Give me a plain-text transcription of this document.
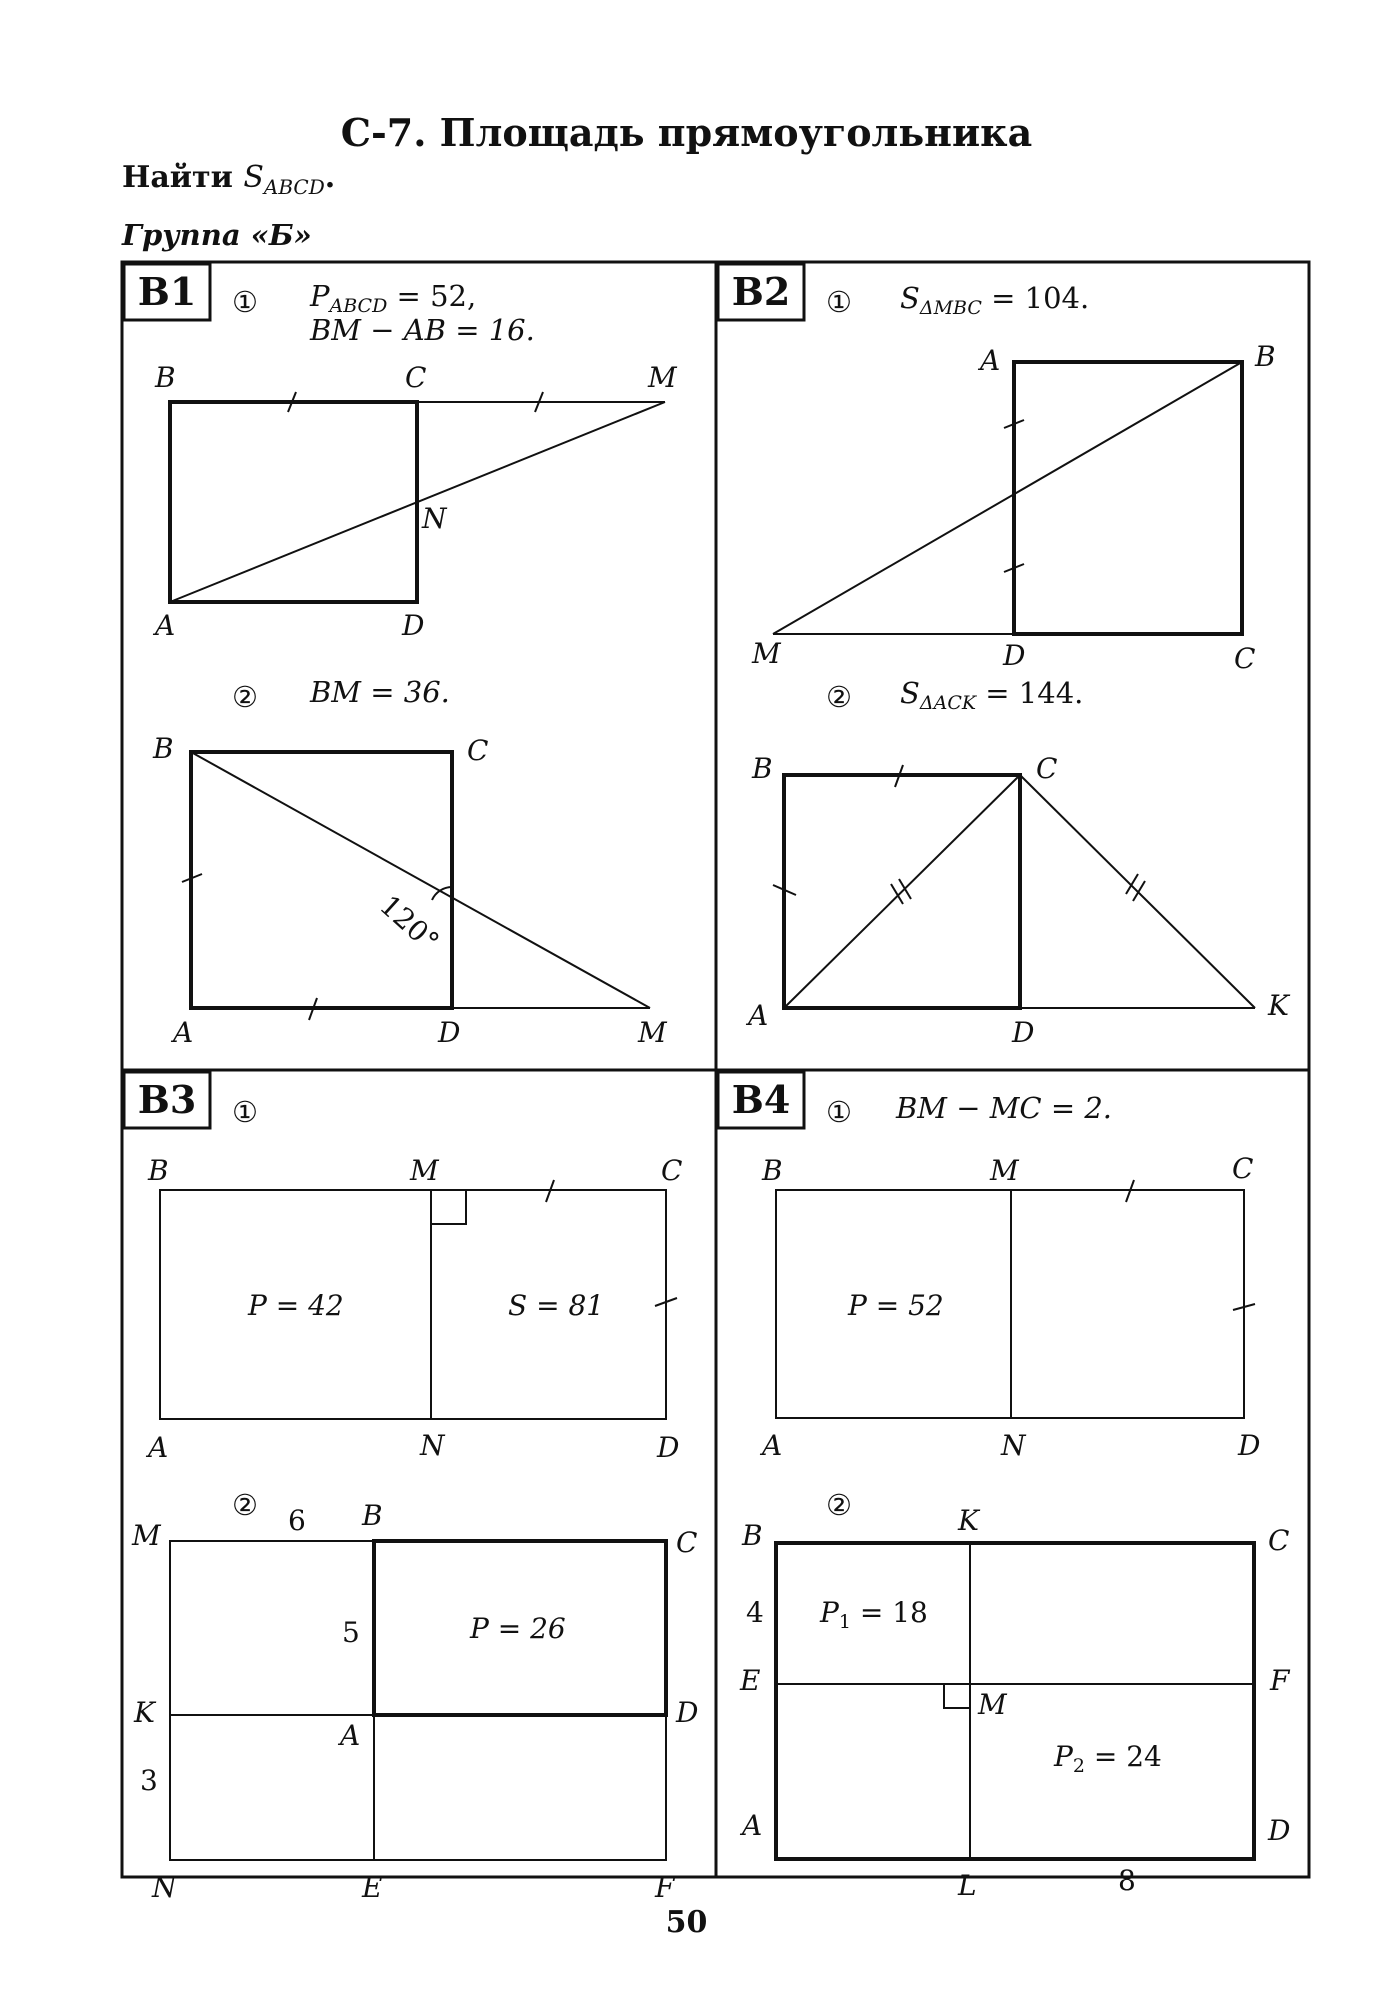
С-7. Площадь прямоугольника
Найти $S_{ABCD}$.
Группа «Б»
В1 ① $P_{ABCD} = 52$,
BM − AB = 16.
B	C	M
N
A	D
② BM = 36.
B	C
A	D	M
120°
В2 ① $S_{\Delta MBC} = 104$.
A	B
M	D	C
② $S_{\Delta ACK} = 144$.
B	C
A
D
K
В3 ①
B	M	C
A	N	D
P = 42	S = 81
②
M
B
C
K
A
D
N	E	F
6
5
3
P = 26
В4 ① BM − MC = 2.
B	M	C
A	N	D
P = 52
②
B	K
C
E	F
M
A
L
D
4
8
$P_1 = 18$
$P_2 = 24$
50
